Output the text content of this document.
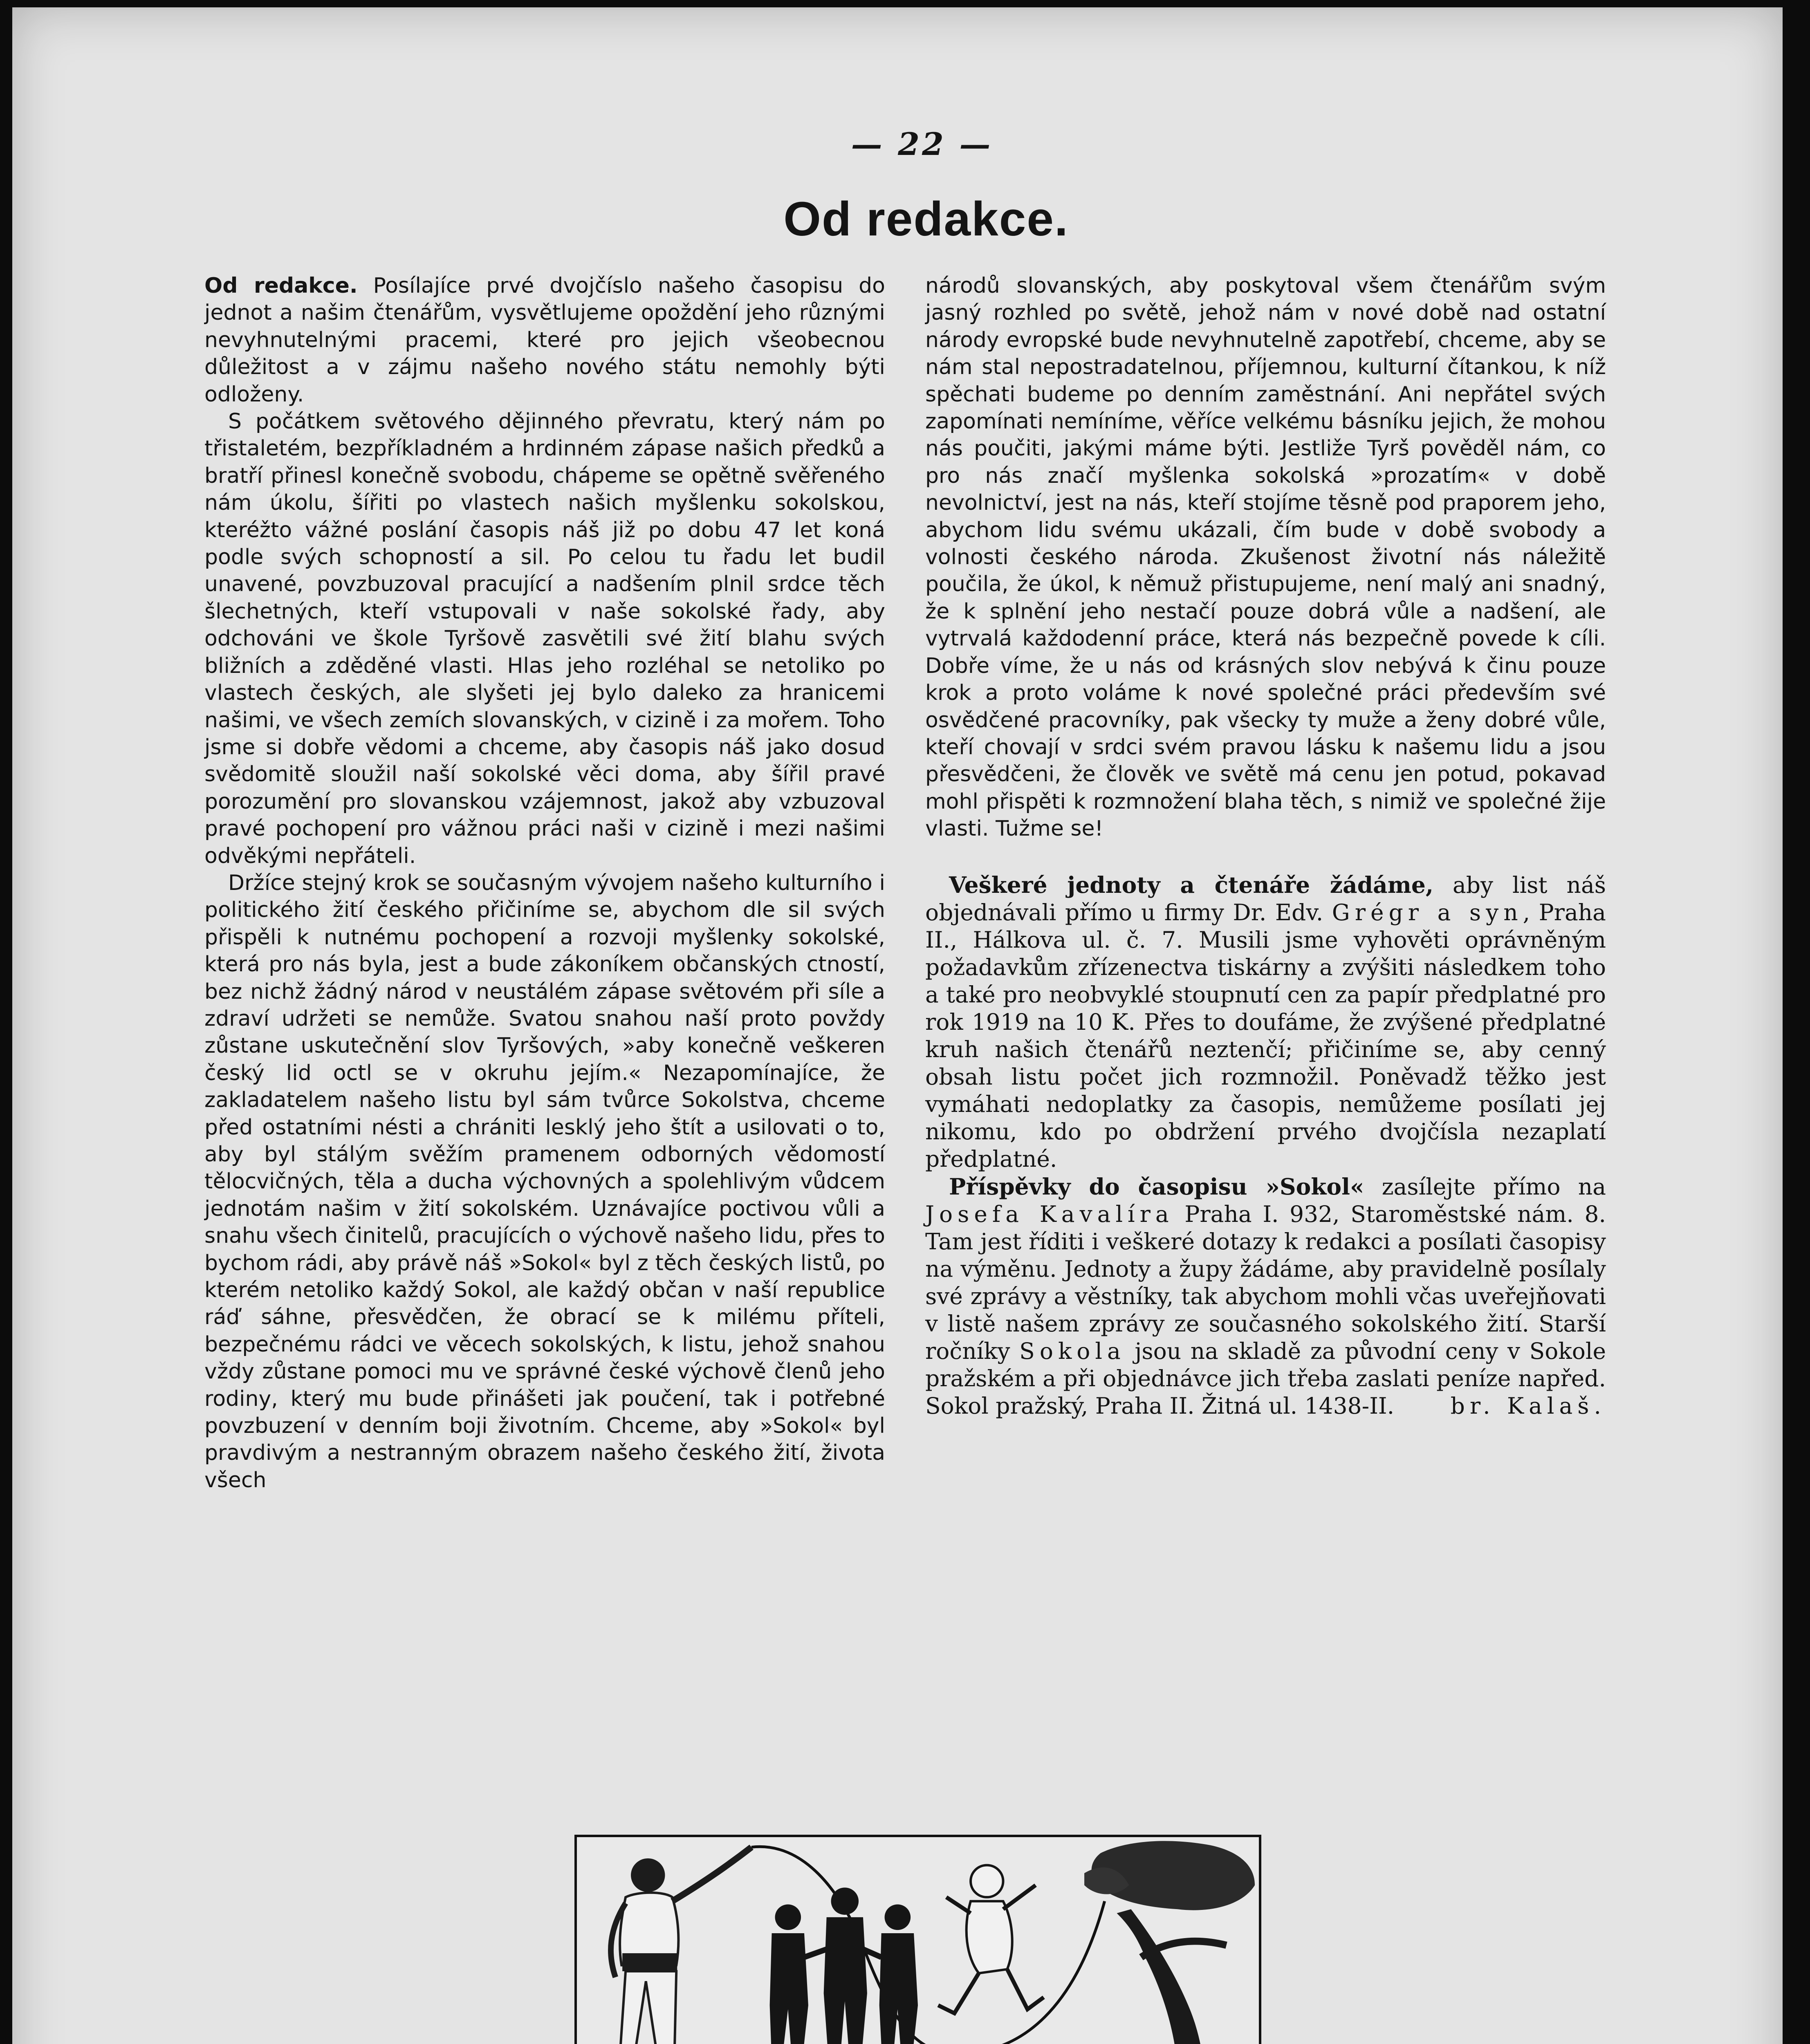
— 22 —
Od redakce.

Od redakce. Posílajíce prvé dvojčíslo našeho časopisu do jednot a našim čtenářům, vysvětlujeme opoždění jeho různými nevyhnutelnými pracemi, které pro jejich všeobecnou důležitost a v zájmu našeho nového státu nemohly býti odloženy.

S počátkem světového dějinného převratu, který nám po třistaletém, bezpříkladném a hrdinném zápase našich předků a bratří přinesl konečně svobodu, chápeme se opětně svěřeného nám úkolu, šířiti po vlastech našich myšlenku sokolskou, kteréžto vážné poslání časopis náš již po dobu 47 let koná podle svých schopností a sil. Po celou tu řadu let budil unavené, povzbuzoval pracující a nadšením plnil srdce těch šlechetných, kteří vstupovali v naše sokolské řady, aby odchováni ve škole Tyršově zasvětili své žití blahu svých bližních a zděděné vlasti. Hlas jeho rozléhal se netoliko po vlastech českých, ale slyšeti jej bylo daleko za hranicemi našimi, ve všech zemích slovanských, v cizině i za mořem. Toho jsme si dobře vědomi a chceme, aby časopis náš jako dosud svědomitě sloužil naší sokolské věci doma, aby šířil pravé porozumění pro slovanskou vzájemnost, jakož aby vzbuzoval pravé pochopení pro vážnou práci naši v cizině i mezi našimi odvěkými nepřáteli.

Držíce stejný krok se současným vývojem našeho kulturního i politického žití českého přičiníme se, abychom dle sil svých přispěli k nutnému pochopení a rozvoji myšlenky sokolské, která pro nás byla, jest a bude zákoníkem občanských ctností, bez nichž žádný národ v neustálém zápase světovém při síle a zdraví udržeti se nemůže. Svatou snahou naší proto povždy zůstane uskutečnění slov Tyršových, »aby konečně veškeren český lid octl se v okruhu jejím.« Nezapomínajíce, že zakladatelem našeho listu byl sám tvůrce Sokolstva, chceme před ostatními nésti a chrániti lesklý jeho štít a usilovati o to, aby byl stálým svěžím pramenem odborných vědomostí tělocvičných, těla a ducha výchovných a spolehlivým vůdcem jednotám našim v žití sokolském. Uznávajíce poctivou vůli a snahu všech činitelů, pracujících o výchově našeho lidu, přes to bychom rádi, aby právě náš »Sokol« byl z těch českých listů, po kterém netoliko každý Sokol, ale každý občan v naší republice ráď sáhne, přesvědčen, že obrací se k milému příteli, bezpečnému rádci ve věcech sokolských, k listu, jehož snahou vždy zůstane pomoci mu ve správné české výchově členů jeho rodiny, který mu bude přinášeti jak poučení, tak i potřebné povzbuzení v denním boji životním. Chceme, aby »Sokol« byl pravdivým a nestranným obrazem našeho českého žití, života všech

národů slovanských, aby poskytoval všem čtenářům svým jasný rozhled po světě, jehož nám v nové době nad ostatní národy evropské bude nevyhnutelně zapotřebí, chceme, aby se nám stal nepostradatelnou, příjemnou, kulturní čítankou, k níž spěchati budeme po denním zaměstnání. Ani nepřátel svých zapomínati nemíníme, věříce velkému básníku jejich, že mohou nás poučiti, jakými máme býti. Jestliže Tyrš pověděl nám, co pro nás značí myšlenka sokolská »prozatím« v době nevolnictví, jest na nás, kteří stojíme těsně pod praporem jeho, abychom lidu svému ukázali, čím bude v době svobody a volnosti českého národa. Zkušenost životní nás náležitě poučila, že úkol, k němuž přistupujeme, není malý ani snadný, že k splnění jeho nestačí pouze dobrá vůle a nadšení, ale vytrvalá každodenní práce, která nás bezpečně povede k cíli. Dobře víme, že u nás od krásných slov nebývá k činu pouze krok a proto voláme k nové společné práci především své osvědčené pracovníky, pak všecky ty muže a ženy dobré vůle, kteří chovají v srdci svém pravou lásku k našemu lidu a jsou přesvědčeni, že člověk ve světě má cenu jen potud, pokavad mohl přispěti k rozmnožení blaha těch, s nimiž ve společné žije vlasti. Tužme se!

Veškeré jednoty a čtenáře žádáme, aby list náš objednávali přímo u firmy Dr. Edv. Grégr a syn, Praha II., Hálkova ul. č. 7. Musili jsme vyhověti oprávněným požadavkům zřízenectva tiskárny a zvýšiti následkem toho a také pro neobvyklé stoupnutí cen za papír předplatné pro rok 1919 na 10 K. Přes to doufáme, že zvýšené předplatné kruh našich čtenářů neztenčí; přičiníme se, aby cenný obsah listu počet jich rozmnožil. Poněvadž těžko jest vymáhati nedoplatky za časopis, nemůžeme posílati jej nikomu, kdo po obdržení prvého dvojčísla nezaplatí předplatné.

Příspěvky do časopisu »Sokol« zasílejte přímo na Josefa Kavalíra Praha I. 932, Staroměstské nám. 8. Tam jest říditi i veškeré dotazy k redakci a posílati časopisy na výměnu. Jednoty a župy žádáme, aby pravidelně posílaly své zprávy a věstníky, tak abychom mohli včas uveřejňovati v listě našem zprávy ze současného sokolského žití. Starší ročníky Sokola jsou na skladě za původní ceny v Sokole pražském a při objednávce jich třeba zaslati peníze napřed. Sokol pražský, Praha II. Žitná ul. 1438-II.	br. Kalaš.
